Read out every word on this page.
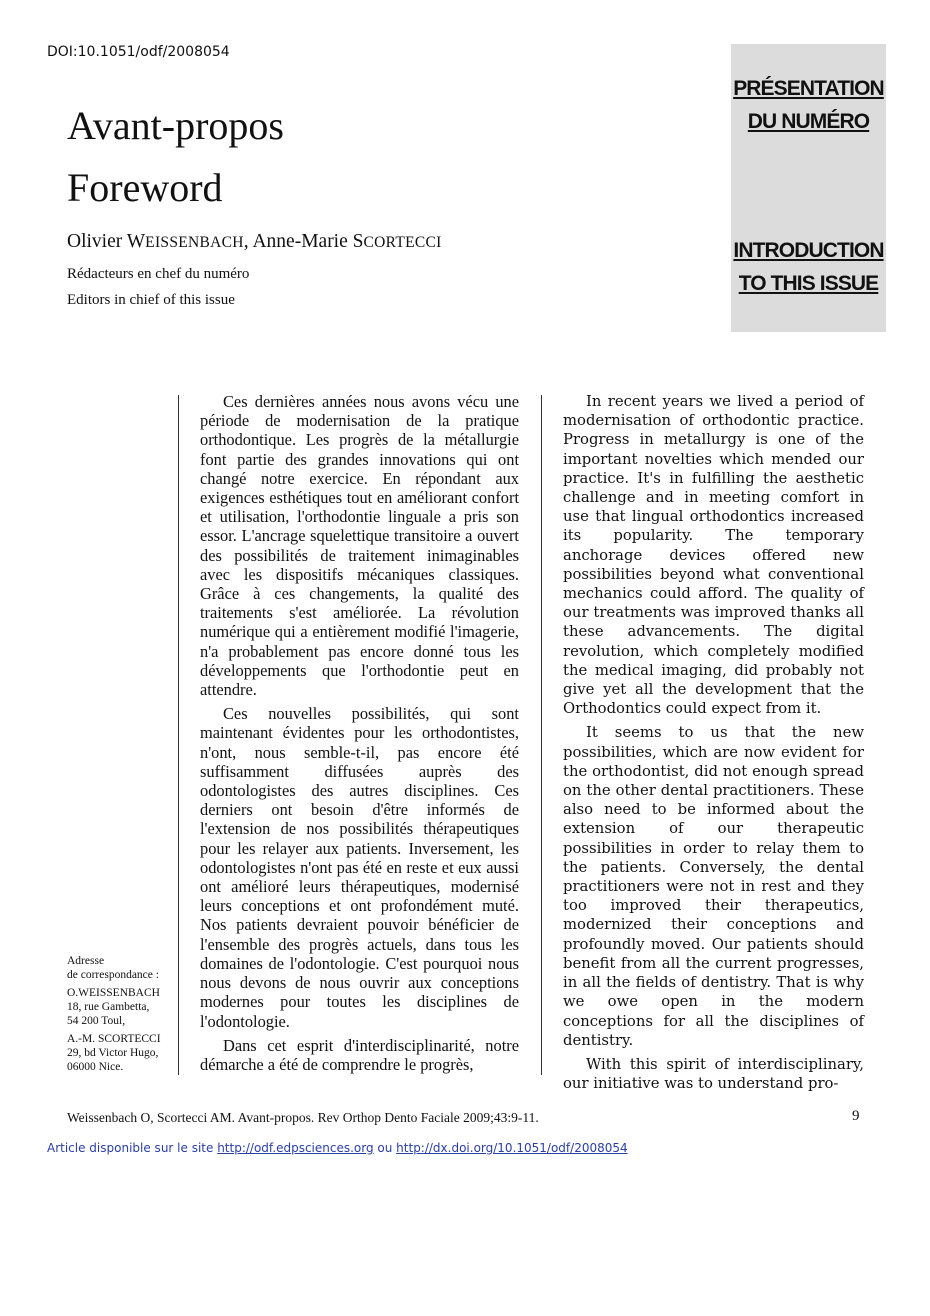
DOI:10.1051/odf/2008054
Avant-propos
Foreword
Olivier WEISSENBACH, Anne-Marie SCORTECCI
Rédacteurs en chef du numéro
Editors in chief of this issue
PRÉSENTATION
DU NUMÉRO
INTRODUCTION
TO THIS ISSUE

Ces dernières années nous avons vécu une période de modernisation de la pratique orthodontique. Les progrès de la métallurgie font partie des grandes innovations qui ont changé notre exercice. En répondant aux exigences esthétiques tout en améliorant confort et utilisation, l'orthodontie linguale a pris son essor. L'ancrage squelettique transitoire a ouvert des possibilités de traitement inimaginables avec les dispositifs mécaniques classiques. Grâce à ces changements, la qualité des traitements s'est améliorée. La révolution numérique qui a entièrement modifié l'imagerie, n'a probablement pas encore donné tous les développements que l'orthodontie peut en attendre.

Ces nouvelles possibilités, qui sont maintenant évidentes pour les orthodontistes, n'ont, nous semble-t-il, pas encore été suffisamment diffusées auprès des odontologistes des autres disciplines. Ces derniers ont besoin d'être informés de l'extension de nos possibilités thérapeutiques pour les relayer aux patients. Inversement, les odontologistes n'ont pas été en reste et eux aussi ont amélioré leurs thérapeutiques, modernisé leurs conceptions et ont profondément muté. Nos patients devraient pouvoir bénéficier de l'ensemble des progrès actuels, dans tous les domaines de l'odontologie. C'est pourquoi nous nous devons de nous ouvrir aux conceptions modernes pour toutes les disciplines de l'odontologie.

Dans cet esprit d'interdisciplinarité, notre démarche a été de comprendre le progrès,

In recent years we lived a period of modernisation of orthodontic practice. Progress in metallurgy is one of the important novelties which mended our practice. It's in fulfilling the aesthetic challenge and in meeting comfort in use that lingual orthodontics increased its popularity. The temporary anchorage devices offered new possibilities beyond what conventional mechanics could afford. The quality of our treatments was improved thanks all these advancements. The digital revolution, which completely modified the medical imaging, did probably not give yet all the development that the Orthodontics could expect from it.

It seems to us that the new possibilities, which are now evident for the orthodontist, did not enough spread on the other dental practitioners. These also need to be informed about the extension of our therapeutic possibilities in order to relay them to the patients. Conversely, the dental practitioners were not in rest and they too improved their therapeutics, modernized their conceptions and profoundly moved. Our patients should benefit from all the current progresses, in all the fields of dentistry. That is why we owe open in the modern conceptions for all the disciplines of dentistry.

With this spirit of interdisciplinary, our initiative was to understand pro-

Adresse
de correspondance :
O.WEISSENBACH
18, rue Gambetta,
54 200 Toul,
A.-M. SCORTECCI
29, bd Victor Hugo,
06000 Nice.
Weissenbach O, Scortecci AM. Avant-propos. Rev Orthop Dento Faciale 2009;43:9-11.	9
Article disponible sur le site http://odf.edpsciences.org ou http://dx.doi.org/10.1051/odf/2008054
